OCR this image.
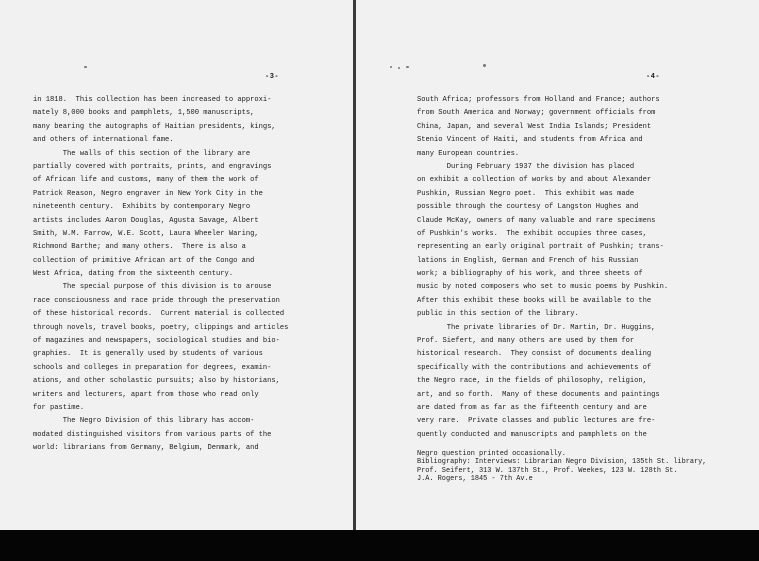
-3-
in 1818.  This collection has been increased to approxi-
mately 8,000 books and pamphlets, 1,500 manuscripts,
many bearing the autographs of Haitian presidents, kings,
and others of international fame.
The walls of this section of the library are
partially covered with portraits, prints, and engravings
of African life and customs, many of them the work of
Patrick Reason, Negro engraver in New York City in the
nineteenth century.  Exhibits by contemporary Negro
artists includes Aaron Douglas, Agusta Savage, Albert
Smith, W.M. Farrow, W.E. Scott, Laura Wheeler Waring,
Richmond Barthe; and many others.  There is also a
collection of primitive African art of the Congo and
West Africa, dating from the sixteenth century.
The special purpose of this division is to arouse
race consciousness and race pride through the preservation
of these historical records.  Current material is collected
through novels, travel books, poetry, clippings and articles
of magazines and newspapers, sociological studies and bio-
graphies.  It is generally used by students of various
schools and colleges in preparation for degrees, examin-
ations, and other scholastic pursuits; also by historians,
writers and lecturers, apart from those who read only
for pastime.
The Negro Division of this library has accom-
modated distinguished visitors from various parts of the
world: librarians from Germany, Belgium, Denmark, and
-4-
South Africa; professors from Holland and France; authors
from South America and Norway; government officials from
China, Japan, and several West India Islands; President
Stenio Vincent of Haiti, and students from Africa and
many European countries.
During February 1937 the division has placed
on exhibit a collection of works by and about Alexander
Pushkin, Russian Negro poet.  This exhibit was made
possible through the courtesy of Langston Hughes and
Claude McKay, owners of many valuable and rare specimens
of Pushkin's works.  The exhibit occupies three cases,
representing an early original portrait of Pushkin; trans-
lations in English, German and French of his Russian
work; a bibliography of his work, and three sheets of
music by noted composers who set to music poems by Pushkin.
After this exhibit these books will be available to the
public in this section of the library.
The private libraries of Dr. Martin, Dr. Huggins,
Prof. Siefert, and many others are used by them for
historical research.  They consist of documents dealing
specifically with the contributions and achievements of
the Negro race, in the fields of philosophy, religion,
art, and so forth.  Many of these documents and paintings
are dated from as far as the fifteenth century and are
very rare.  Private classes and public lectures are fre-
quently conducted and manuscripts and pamphlets on the
Negro question printed occasionally.
Bibliography: Interviews: Librarian Negro Division, 135th St. library,
Prof. Seifert, 313 W. 137th St., Prof. Weekes, 123 W. 128th St.
J.A. Rogers, 1845 - 7th Av.e
